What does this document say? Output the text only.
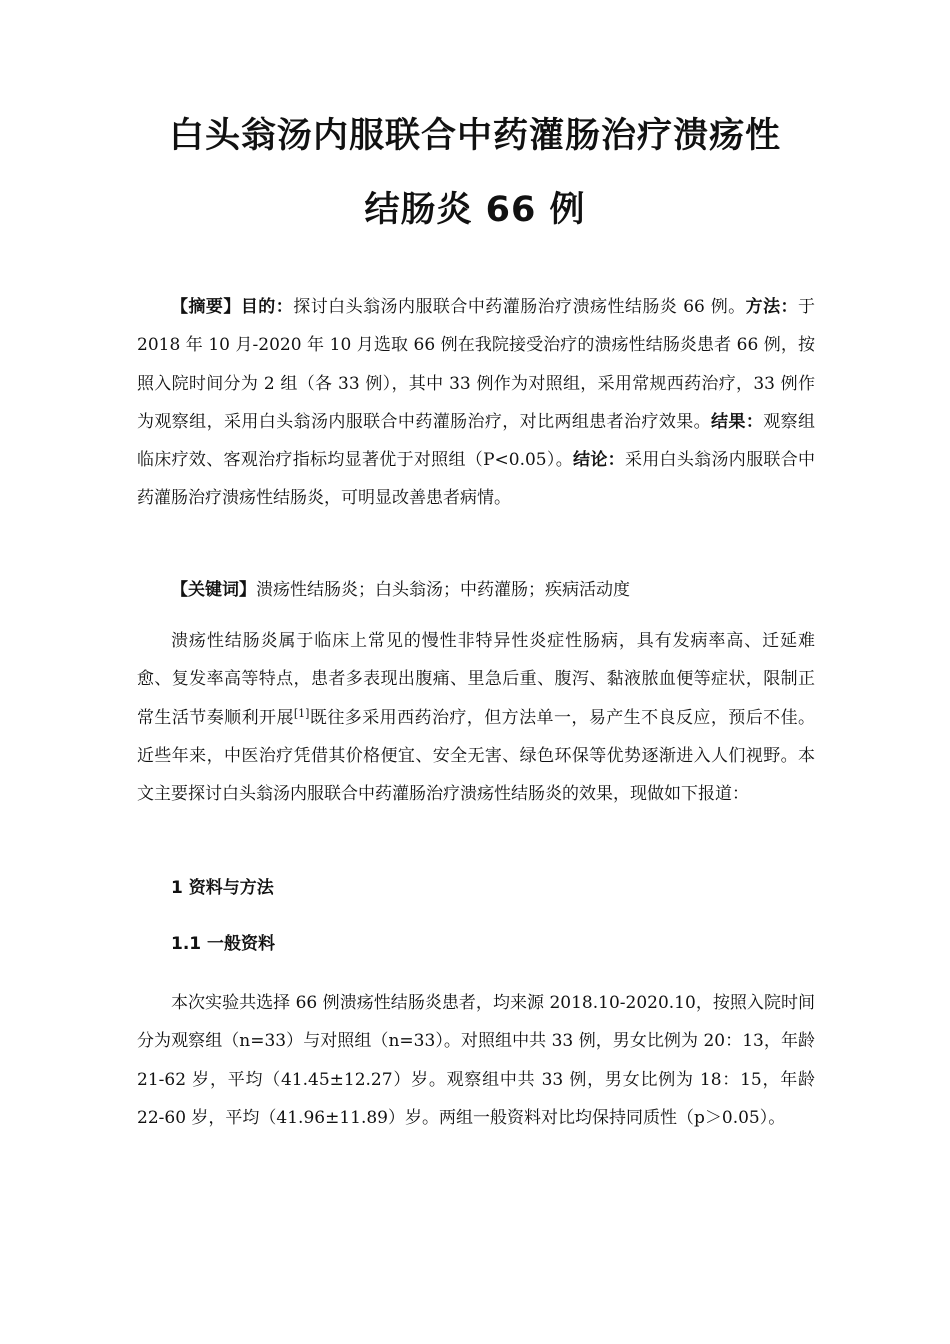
白头翁汤内服联合中药灌肠治疗溃疡性
结肠炎 66 例

【摘要】目的：探讨白头翁汤内服联合中药灌肠治疗溃疡性结肠炎 66 例。方法：于 2018 年 10 月-2020 年 10 月选取 66 例在我院接受治疗的溃疡性结肠炎患者 66 例，按照入院时间分为 2 组（各 33 例），其中 33 例作为对照组，采用常规西药治疗，33 例作为观察组，采用白头翁汤内服联合中药灌肠治疗，对比两组患者治疗效果。结果：观察组临床疗效、客观治疗指标均显著优于对照组（P<0.05）。结论：采用白头翁汤内服联合中药灌肠治疗溃疡性结肠炎，可明显改善患者病情。

【关键词】溃疡性结肠炎；白头翁汤；中药灌肠；疾病活动度

溃疡性结肠炎属于临床上常见的慢性非特异性炎症性肠病，具有发病率高、迁延难愈、复发率高等特点，患者多表现出腹痛、里急后重、腹泻、黏液脓血便等症状，限制正常生活节奏顺利开展[1]既往多采用西药治疗，但方法单一，易产生不良反应，预后不佳。近些年来，中医治疗凭借其价格便宜、安全无害、绿色环保等优势逐渐进入人们视野。本文主要探讨白头翁汤内服联合中药灌肠治疗溃疡性结肠炎的效果，现做如下报道：

1 资料与方法

1.1 一般资料

本次实验共选择 66 例溃疡性结肠炎患者，均来源 2018.10-2020.10，按照入院时间分为观察组（n=33）与对照组（n=33）。对照组中共 33 例，男女比例为 20：13，年龄 21-62 岁，平均（41.45±12.27）岁。观察组中共 33 例，男女比例为 18：15，年龄 22-60 岁，平均（41.96±11.89）岁。两组一般资料对比均保持同质性（p＞0.05）。
